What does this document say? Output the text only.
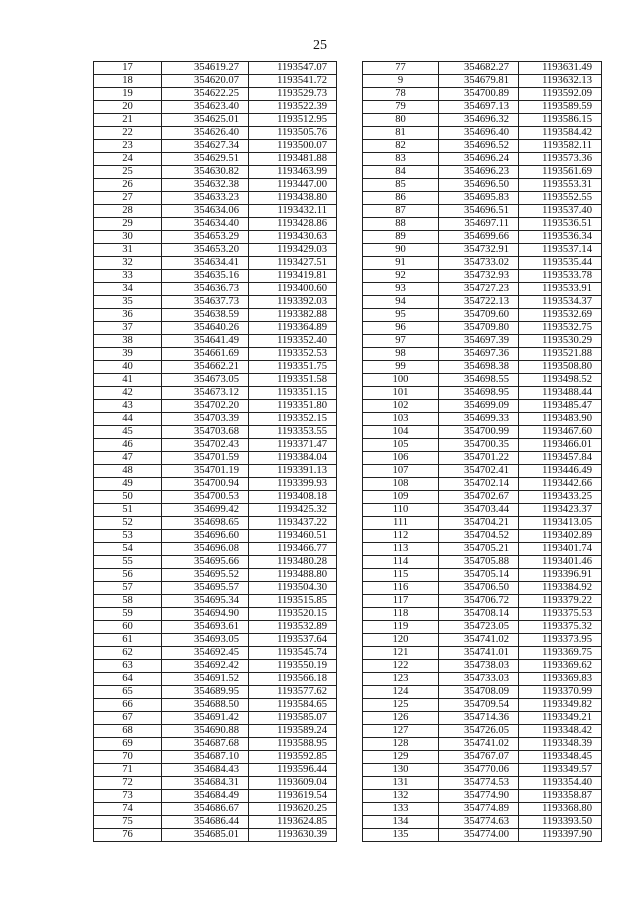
25
17	354619.27	1193547.07
18	354620.07	1193541.72
19	354622.25	1193529.73
20	354623.40	1193522.39
21	354625.01	1193512.95
22	354626.40	1193505.76
23	354627.34	1193500.07
24	354629.51	1193481.88
25	354630.82	1193463.99
26	354632.38	1193447.00
27	354633.23	1193438.80
28	354634.06	1193432.11
29	354634.40	1193428.86
30	354653.29	1193430.63
31	354653.20	1193429.03
32	354634.41	1193427.51
33	354635.16	1193419.81
34	354636.73	1193400.60
35	354637.73	1193392.03
36	354638.59	1193382.88
37	354640.26	1193364.89
38	354641.49	1193352.40
39	354661.69	1193352.53
40	354662.21	1193351.75
41	354673.05	1193351.58
42	354673.12	1193351.15
43	354702.20	1193351.80
44	354703.39	1193352.15
45	354703.68	1193353.55
46	354702.43	1193371.47
47	354701.59	1193384.04
48	354701.19	1193391.13
49	354700.94	1193399.93
50	354700.53	1193408.18
51	354699.42	1193425.32
52	354698.65	1193437.22
53	354696.60	1193460.51
54	354696.08	1193466.77
55	354695.66	1193480.28
56	354695.52	1193488.80
57	354695.57	1193504.30
58	354695.34	1193515.85
59	354694.90	1193520.15
60	354693.61	1193532.89
61	354693.05	1193537.64
62	354692.45	1193545.74
63	354692.42	1193550.19
64	354691.52	1193566.18
65	354689.95	1193577.62
66	354688.50	1193584.65
67	354691.42	1193585.07
68	354690.88	1193589.24
69	354687.68	1193588.95
70	354687.10	1193592.85
71	354684.43	1193596.44
72	354684.31	1193609.04
73	354684.49	1193619.54
74	354686.67	1193620.25
75	354686.44	1193624.85
76	354685.01	1193630.39
77	354682.27	1193631.49
9	354679.81	1193632.13
78	354700.89	1193592.09
79	354697.13	1193589.59
80	354696.32	1193586.15
81	354696.40	1193584.42
82	354696.52	1193582.11
83	354696.24	1193573.36
84	354696.23	1193561.69
85	354696.50	1193553.31
86	354695.83	1193552.55
87	354696.51	1193537.40
88	354697.11	1193536.51
89	354699.66	1193536.34
90	354732.91	1193537.14
91	354733.02	1193535.44
92	354732.93	1193533.78
93	354727.23	1193533.91
94	354722.13	1193534.37
95	354709.60	1193532.69
96	354709.80	1193532.75
97	354697.39	1193530.29
98	354697.36	1193521.88
99	354698.38	1193508.80
100	354698.55	1193498.52
101	354698.95	1193488.44
102	354699.09	1193485.47
103	354699.33	1193483.90
104	354700.99	1193467.60
105	354700.35	1193466.01
106	354701.22	1193457.84
107	354702.41	1193446.49
108	354702.14	1193442.66
109	354702.67	1193433.25
110	354703.44	1193423.37
111	354704.21	1193413.05
112	354704.52	1193402.89
113	354705.21	1193401.74
114	354705.88	1193401.46
115	354705.14	1193396.91
116	354706.50	1193384.92
117	354706.72	1193379.22
118	354708.14	1193375.53
119	354723.05	1193375.32
120	354741.02	1193373.95
121	354741.01	1193369.75
122	354738.03	1193369.62
123	354733.03	1193369.83
124	354708.09	1193370.99
125	354709.54	1193349.82
126	354714.36	1193349.21
127	354726.05	1193348.42
128	354741.02	1193348.39
129	354767.07	1193348.45
130	354770.06	1193349.57
131	354774.53	1193354.40
132	354774.90	1193358.87
133	354774.89	1193368.80
134	354774.63	1193393.50
135	354774.00	1193397.90
